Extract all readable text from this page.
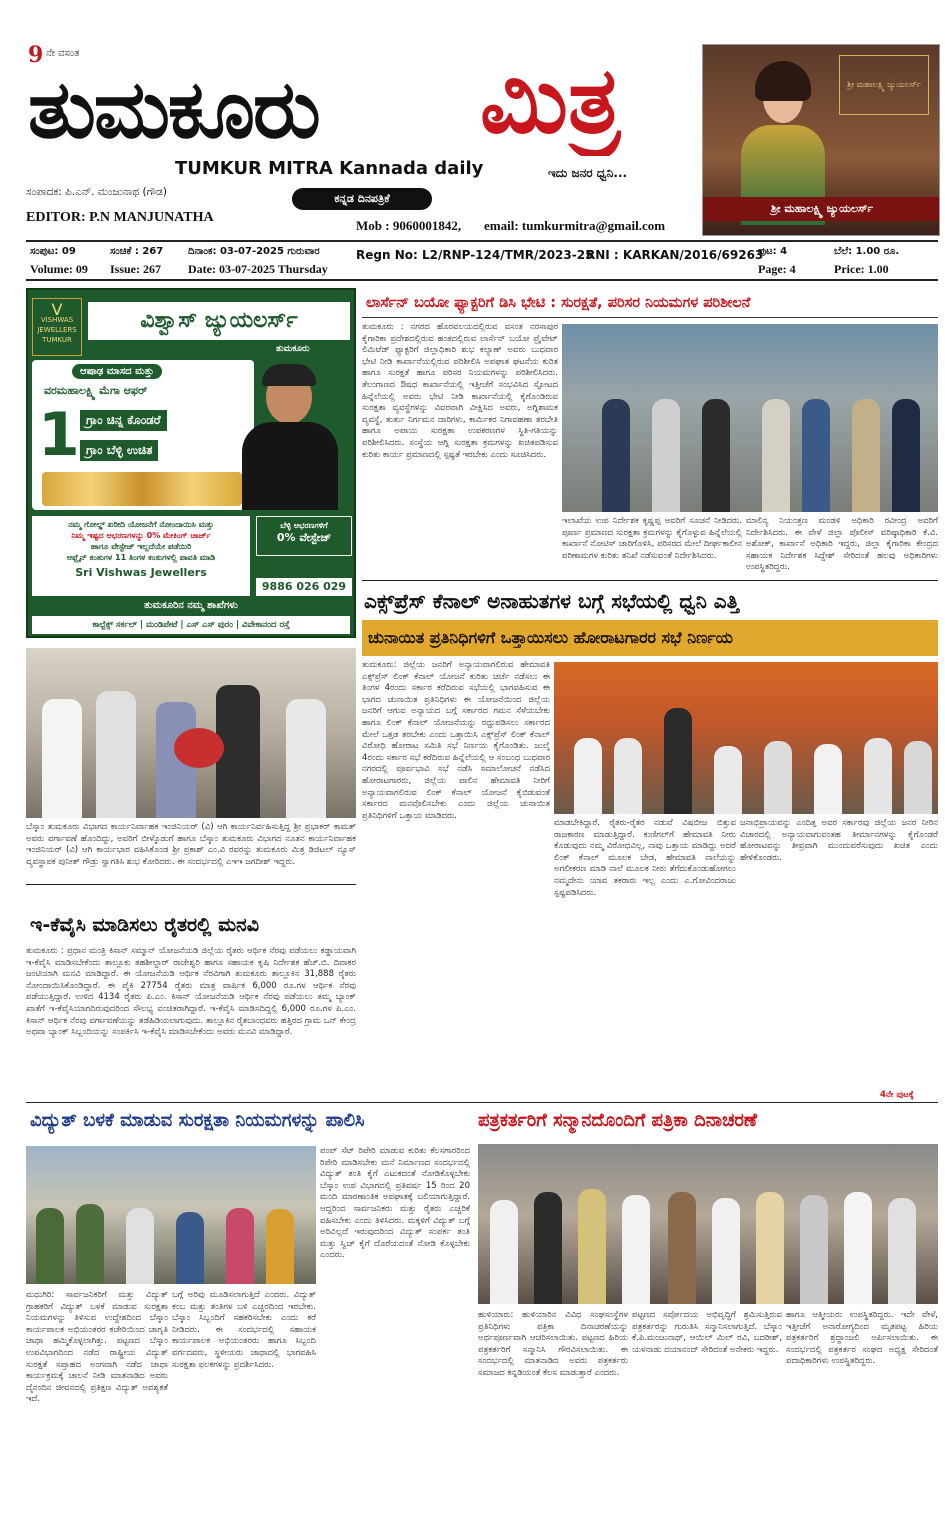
9 ನೇ ವಸಂತ
ತುಮಕೂರು ಮಿತ್ರ
TUMKUR MITRA Kannada daily	ಇದು ಜನರ ಧ್ವನಿ...
ಸಂಪಾದಕ: ಪಿ.ಎನ್. ಮಂಜುನಾಥ (ಗೌಡ)
EDITOR: P.N MANJUNATHA
ಕನ್ನಡ ದಿನಪತ್ರಿಕೆ
Mob : 9060001842, email: tumkurmitra@gmail.com
ಶ್ರೀ ಮಹಾಲಕ್ಷ್ಮಿ ಜ್ಯುಯಲರ್ಸ್
ಶ್ರೀ ಮಹಾಲಕ್ಷ್ಮಿ ಜ್ಯುಯಲರ್ಸ್
ಸಂಪುಟ: 09	ಸಂಚಿಕೆ : 267 ದಿನಾಂಕ: 03-07-2025 ಗುರುವಾರ
Volume: 09 Issue: 267 Date: 03-07-2025 Thursday
Regn No: L2/RNP-124/TMR/2023-25
RNI : KARKAN/2016/69263
ಪುಟ: 4	ಬೆಲೆ: 1.00 ರೂ.
Page: 4	Price: 1.00
V
VISHWAS JEWELLERS
TUMKUR
ವಿಶ್ವಾಸ್ ಜ್ಯುಯಲರ್ಸ್
ತುಮಕೂರು
ಆಷಾಢ ಮಾಸದ ಮತ್ತು
ವರಮಹಾಲಕ್ಷ್ಮಿ ಮೆಗಾ ಆಫರ್
1 ಗ್ರಾಂ ಚಿನ್ನ ಕೊಂಡರೆ
ಗ್ರಾಂ ಬೆಳ್ಳಿ ಉಚಿತ
ನಮ್ಮ ಗೋಲ್ಡ್ ಖರೀದಿ ಯೋಜನೆಗೆ ನೋಂದಾಯಿಸಿ ಮತ್ತು
ನಿಮ್ಮ ಇಷ್ಟದ ಆಭರಣಗಳನ್ನು 0% ಮೇಕಿಂಗ್ ಚಾರ್ಜ್
ಹಾಗೂ ವೇಸ್ಟೇಜ್ ಇಲ್ಲದೆಯೇ ಪಡೆಯಿರಿ
ಆಫ್ಲೈನ್ ಕಂತುಗಳ 11 ತಿಂಗಳ ಕಂತುಗಳಲ್ಲಿ ಪಾವತಿ ಮಾಡಿ
Sri Vishwas Jewellers
ಬೆಳ್ಳಿ ಆಭರಣಗಳಿಗೆ
0% ವೇಸ್ಟೇಜ್
9886 026 029
ತುಮಕೂರಿನ ನಮ್ಮ ಶಾಖೆಗಳು
ಕಾಲ್ಟೆಕ್ಸ್ ಸರ್ಕಲ್ | ಮಂಡಿಪೇಟೆ | ಎಸ್ ಎಸ್ ಪುರಂ | ವಿವೇಕಾನಂದ ರಸ್ತೆ
ಲಾರ್ಸೆನ್ ಬಯೋ ಫ್ಯಾಕ್ಟರಿಗೆ ಡಿಸಿ ಭೇಟಿ : ಸುರಕ್ಷತೆ, ಪರಿಸರ ನಿಯಮಗಳ ಪರಿಶೀಲನೆ
ತುಮಕೂರು : ನಗರದ ಹೊರವಲಯದಲ್ಲಿರುವ ವಸಂತ ನರಸಾಪುರ ಕೈಗಾರಿಕಾ ಪ್ರದೇಶದಲ್ಲಿರುವ ಹಂತದಲ್ಲಿರುವ ಲಾರ್ಸೆನ್ ಬಯೋ ಪ್ರೈವೇಟ್ ಲಿಮಿಟೆಡ್ ಫ್ಯಾಕ್ಟರಿಗೆ ಜಿಲ್ಲಾಧಿಕಾರಿ ಶುಭ ಕಲ್ಯಾಣ್ ಅವರು ಬುಧವಾರ ಭೇಟಿ ನೀಡಿ ಕಾರ್ಖಾನೆಯಲ್ಲಿರುವ ಪರಿಶೀಲಿಸಿ ಅಪಘಾತ ಘಟನೆಯ ಕುರಿತ ಹಾಗೂ ಸುರಕ್ಷತೆ ಹಾಗೂ ಪರಿಸರ ನಿಯಮಗಳನ್ನು ಪರಿಶೀಲಿಸಿದರು. ತೆಲಂಗಾಣದ ಔಷಧ ಕಾರ್ಖಾನೆಯಲ್ಲಿ ಇತ್ತೀಚೆಗೆ ಸಂಭವಿಸಿದ ಸ್ಫೋಟದ ಹಿನ್ನೆಲೆಯಲ್ಲಿ ಅವರು ಭೇಟಿ ನೀಡಿ ಕಾರ್ಖಾನೆಯಲ್ಲಿ ಕೈಗೊಂಡಿರುವ ಸುರಕ್ಷತಾ ವ್ಯವಸ್ಥೆಗಳನ್ನು ವಿವರವಾಗಿ ವೀಕ್ಷಿಸಿದ ಅವರು, ಅಗ್ನಿಶಾಮಕ ವ್ಯವಸ್ಥೆ, ತುರ್ತು ನಿರ್ಗಮನ ದಾರಿಗಳು, ಕಾರ್ಮಿಕರ ನಿಗಾವಹಣಾ ತರಬೇತಿ ಹಾಗೂ ಅಪಾಯ ಸುರಕ್ಷತಾ ಉಪಕರಣಗಳ ಸ್ಥಿತಿ-ಗತಿಯನ್ನು ಪರಿಶೀಲಿಸಿದರು. ಸಂಸ್ಥೆಯ ಆಗ್ನಿ ಸುರಕ್ಷತಾ ಕ್ರಮಗಳನ್ನು ಖಚಿತಪಡಿಸುವ ಕುರಿತು ಕಾರ್ಯ ಪ್ರಮಾಣದಲ್ಲಿ ಸ್ಪಷ್ಟತೆ ಇರಬೇಕು ಎಂದು ಸೂಚಿಸಿದರು.
ಇಲಾಖೆಯ ಉಪ ನಿರ್ದೇಶಕ ಕೃಷ್ಣಪ್ಪ ಅವರಿಗೆ ಸೂಚನೆ ನೀಡಿದರು. ಪೂರ್ಣ ಪ್ರಮಾಣದ ಸುರಕ್ಷತಾ ಕ್ರಮಗಳನ್ನು ಕೈಗೊಳ್ಳುವ ಹಿನ್ನೆಲೆಯಲ್ಲಿ ಕಾರ್ಖಾನೆ ನೋಟಿಸ್ ಜಾರಿಗೊಳಿಸಿ, ಪರಿಸರದ ಮೇಲೆ ದೀರ್ಘಕಾಲೀನ ಪರಿಣಾಮಗಳ ಕುರಿತು ತನಿಖೆ ನಡೆಸುವಂತೆ ನಿರ್ದೇಶಿಸಿದರು.
ಮಾಲಿನ್ಯ ನಿಯಂತ್ರಣ ಮಂಡಳಿ ಅಧಿಕಾರಿ ರವೀಂದ್ರ ಅವರಿಗೆ ನಿರ್ದೇಶಿಸಿದರು. ಈ ವೇಳೆ ಜಿಲ್ಲಾ ಪೊಲೀಸ್ ವರಿಷ್ಠಾಧಿಕಾರಿ ಕೆ.ವಿ. ಅಶೋಕ್, ಕಾರ್ಖಾನೆ ಅಧಿಕಾರಿ ಇದ್ದರು, ಜಿಲ್ಲಾ ಕೈಗಾರಿಕಾ ಕೇಂದ್ರದ ಸಹಾಯಕ ನಿರ್ದೇಶಕ ಸಿದ್ದೇಶ್ ಸೇರಿದಂತೆ ಹಲವು ಅಧಿಕಾರಿಗಳು ಉಪಸ್ಥಿತರಿದ್ದರು.
ಎಕ್ಸ್‌ಪ್ರೆಸ್ ಕೆನಾಲ್ ಅನಾಹುತಗಳ ಬಗ್ಗೆ ಸಭೆಯಲ್ಲಿ ಧ್ವನಿ ಎತ್ತಿ
ಚುನಾಯಿತ ಪ್ರತಿನಿಧಿಗಳಿಗೆ ಒತ್ತಾಯಿಸಲು ಹೋರಾಟಗಾರರ ಸಭೆ ನಿರ್ಣಯ
ತುಮಕೂರು: ಜಿಲ್ಲೆಯ ಜನರಿಗೆ ಅನ್ಯಾಯವಾಗಲಿರುವ ಹೇಮಾವತಿ ಎಕ್ಸ್‌ಪ್ರೆಸ್ ಲಿಂಕ್ ಕೆನಾಲ್ ಯೋಜನೆ ಕುರಿತು ಚರ್ಚೆ ನಡೆಸಲು ಈ ತಿಂಗಳ 4ರಂದು ಸರ್ಕಾರ ಕರೆದಿರುವ ಸಭೆಯಲ್ಲಿ ಭಾಗವಹಿಸುವ ಈ ಭಾಗದ ಚುನಾಯಿತ ಪ್ರತಿನಿಧಿಗಳು ಈ ಯೋಜನೆಯಿಂದ ಜಿಲ್ಲೆಯ ಜನರಿಗೆ ಆಗುವ ಅನ್ಯಾಯದ ಬಗ್ಗೆ ಸರ್ಕಾರದ ಗಮನ ಸೆಳೆಯಬೇಕು ಹಾಗೂ ಲಿಂಕ್ ಕೆನಾಲ್ ಯೋಜನೆಯನ್ನು ರದ್ದುಪಡಿಸಲು ಸರ್ಕಾರದ ಮೇಲೆ ಒತ್ತಡ ತರಬೇಕು ಎಂದು ಒತ್ತಾಯಿಸಿ ಎಕ್ಸ್‌ಪ್ರೆಸ್ ಲಿಂಕ್ ಕೆನಾಲ್ ವಿರೋಧಿ ಹೋರಾಟ ಸಮಿತಿ ಸಭೆ ನಿರ್ಣಯ ಕೈಗೊಂಡಿತು. ಜುಲೈ 4ರಂದು ಸರ್ಕಾರ ಸಭೆ ಕರೆದಿರುವ ಹಿನ್ನೆಲೆಯಲ್ಲಿ ಆ ಸಂಬಂಧ ಬುಧವಾರ ನಗರದಲ್ಲಿ ಪೂರ್ವಭಾವಿ ಸಭೆ ನಡೆಸಿ ಸಮಾಲೋಚನೆ ನಡೆಸಿದ ಹೋರಾಟಗಾರರು, ಜಿಲ್ಲೆಯ ಪಾಲಿನ ಹೇಮಾವತಿ ನೀರಿಗೆ ಅನ್ಯಾಯವಾಗಲಿರುವ ಲಿಂಕ್ ಕೆನಾಲ್ ಯೋಜನೆ ಕೈಬಿಡುವಂತೆ ಸರ್ಕಾರದ ಮನವೊಲಿಸಬೇಕು ಎಂದು ಜಿಲ್ಲೆಯ ಚುನಾಯಿತ ಪ್ರತಿನಿಧಿಗಳಿಗೆ ಒತ್ತಾಯ ಮಾಡಿದರು.
ಮಾಡಬೇಕಿದ್ದಾರೆ. ರೈತರು-ರೈತರ ನಡುವೆ ವಿಷಬೀಜ ಬಿತ್ತುವ ರಾಜಕಾರಣ ಮಾಡುತ್ತಿದ್ದಾರೆ. ಕುಣಿಗಲ್‌ಗೆ ಹೇಮಾವತಿ ನೀರು ಕೊಡುವುದು ನಮ್ಮ ವಿರೋಧವಿಲ್ಲ, ನಾವು ಒತ್ತಾಯ ಮಾಡಿದ್ದು ಅದರೆ ಲಿಂಕ್ ಕೆನಾಲ್ ಮೂಲಕ ಬೇಡ, ಹೇಮಾವತಿ ನಾಲೆಯನ್ನು ಅಗಲೀಕರಣ ಮಾಡಿ ನಾಲೆ ಮೂಲಕ ನೀರು ತೆಗೆದುಕೊಂಡುಹೋಗಲು ನಮ್ಮದೇನು ಯಾವ ತಕರಾರು ಇಲ್ಲ ಎಂದು ಎ.ಗೋವಿಂದರಾಜು ಸ್ಪಷ್ಟಪಡಿಸಿದರು.
ಜನಾಭಿಪ್ರಾಯವನ್ನು ಎಂದಿತ್ತ ಅವರ ಸರ್ಕಾರವು ಜಿಲ್ಲೆಯ ಜನರ ನೀರಿನ ವಿಚಾರದಲ್ಲಿ ಅನ್ಯಾಯವಾಗುವಂತಹ ತೀರ್ಮಾನಗಳನ್ನು ಕೈಗೊಂಡರೆ ಹೋರಾಟವನ್ನು ತೀವ್ರವಾಗಿ ಮುಂದುವರೆಸುವುದು ಖಚಿತ ಎಂದು ಹೇಳಿಕೊಂಡರು.
4ನೇ ಪುಟಕ್ಕೆ
ಬೆಸ್ಕಾಂ ತುಮಕೂರು ವಿಭಾಗದ ಕಾರ್ಯನಿರ್ವಾಹಕ ಇಂಜಿನಿಯರ್ (ವಿ) ಆಗಿ ಕಾರ್ಯನಿರ್ವಹಿಸುತ್ತಿದ್ದ ಶ್ರೀ ಪ್ರಭಾಕರ್ ಕಾಮತ್ ಅವರು ವರ್ಗಾವಣೆ ಹೊಂದಿದ್ದು, ಅವರಿಗೆ ಬೀಳ್ಕೊಡುಗೆ ಹಾಗೂ ಬೆಸ್ಕಾಂ ತುಮಕೂರು ವಿಭಾಗದ ನೂತನ ಕಾರ್ಯನಿರ್ವಾಹಕ ಇಂಜಿನಿಯರ್ (ವಿ) ಆಗಿ ಕಾರ್ಯಭಾರ ವಹಿಸಿಕೊಂಡ ಶ್ರೀ ಪ್ರಕಾಶ್ ಎಂ.ವಿ ರವರನ್ನು ತುಮಕೂರು ಮಿತ್ರ ಡಿಜಿಟಲ್ ನ್ಯೂಸ್ ವ್ಯವಸ್ಥಾಪಕ ಪುನೀತ್ ಗೌಡ್ರು ಸ್ವಾಗತಿಸಿ ಶುಭ ಕೋರಿದರು. ಈ ಸಂದರ್ಭದಲ್ಲಿ ಎಇಇ ಜಗದೀಶ್ ಇದ್ದರು.
ಇ-ಕೆವೈಸಿ ಮಾಡಿಸಲು ರೈತರಲ್ಲಿ ಮನವಿ
ತುಮಕೂರು : ಪ್ರಧಾನ ಮಂತ್ರಿ ಕಿಸಾನ್ ಸಮ್ಮಾನ್ ಯೋಜನೆಯಡಿ ಜಿಲ್ಲೆಯ ರೈತರು ಆರ್ಥಿಕ ನೆರವು ಪಡೆಯಲು ಕಡ್ಡಾಯವಾಗಿ ಇ-ಕೆವೈಸಿ ಮಾಡಿಸಬೇಕೆಂದು ತಾಲ್ಲೂಕು ತಹಶೀಲ್ದಾರ್ ರಾಜೇಶ್ವರಿ ಹಾಗೂ ಸಹಾಯಕ ಕೃಷಿ ನಿರ್ದೇಶಕ ಹೆಚ್.ಬಿ. ದಿವಾಕರ ಜಂಟಿಯಾಗಿ ಮನವಿ ಮಾಡಿದ್ದಾರೆ. ಈ ಯೋಜನೆಯಡಿ ಆರ್ಥಿಕ ನೆರವಿಗಾಗಿ ತುಮಕೂರು ತಾಲ್ಲೂಕಿನ 31,888 ರೈತರು ನೋಂದಾಯಿಸಿಕೊಂಡಿದ್ದಾರೆ. ಈ ಪೈಕಿ 27754 ರೈತರು ಮಾತ್ರ ವಾರ್ಷಿಕ 6,000 ರೂ.ಗಳ ಆರ್ಥಿಕ ನೆರವು ಪಡೆಯುತ್ತಿದ್ದಾರೆ. ಉಳಿದ 4134 ರೈತರು ಪಿ.ಎಂ. ಕಿಸಾನ್ ಯೋಜನೆಯಡಿ ಆರ್ಥಿಕ ನೆರವು ಪಡೆಯಲು ತಮ್ಮ ಬ್ಯಾಂಕ್ ಖಾತೆಗೆ ಇ-ಕೆವೈಸಿಯಾಗದಿರುವುದರಿಂದ ಸೌಲಭ್ಯ ವಂಚಿತರಾಗಿದ್ದಾರೆ. ಇ-ಕೆವೈಸಿ ಮಾಡಿಸದಿದ್ದಲ್ಲಿ 6,000 ರೂ.ಗಳ ಪಿ.ಎಂ. ಕಿಸಾನ್ ಆರ್ಥಿಕ ನೆರವು ವರ್ಗಾವಣೆಯನ್ನು ತಡೆಹಿಡಿಯಲಾಗುವುದು. ತಾಲ್ಲೂಕಿನ ರೈತಬಾಂಧವರು ಹತ್ತಿರದ ಗ್ರಾಮ ಒನ್ ಕೇಂದ್ರ ಅಥವಾ ಬ್ಯಾಂಕ್ ಸಿಬ್ಬಂದಿಯನ್ನು ಸಂಪರ್ಕಿಸಿ ಇ-ಕೆವೈಸಿ ಮಾಡಿಸಬೇಕೆಂದು ಅವರು ಮನವಿ ಮಾಡಿದ್ದಾರೆ.
ವಿದ್ಯುತ್ ಬಳಕೆ ಮಾಡುವ ಸುರಕ್ಷತಾ ನಿಯಮಗಳನ್ನು ಪಾಲಿಸಿ
ಪಂಪ್ ಸೆಟ್ ರಿಪೇರಿ ಮಾಡುವ ಕುರಿತು ಕೆಲಸಗಾರರಿಂದ ರಿಪೇರಿ ಮಾಡಿಸಬೇಕು ಮನೆ ನಿರ್ಮಾಣದ ಸಂದರ್ಭದಲ್ಲಿ ವಿದ್ಯುತ್ ತಂತಿ ಕೈಗೆ ಎಟುಕದಂತೆ ನೋಡಿಕೊಳ್ಳಬೇಕು ಬೆಸ್ಕಾಂ ಉಪ ವಿಭಾಗದಲ್ಲಿ ಪ್ರತಿವರ್ಷ 15 ರಿಂದ 20 ಮಂದಿ ಮಾರಣಾಂತಿಕ ಅಪಘಾತಕ್ಕೆ ಬಲಿಯಾಗುತ್ತಿದ್ದಾರೆ. ಆದ್ದರಿಂದ ಸಾರ್ವಜನಿಕರು ಮತ್ತು ರೈತರು ಎಚ್ಚರಿಕೆ ವಹಿಸಬೇಕು ಎಂದು ತಿಳಿಸಿದರು. ಮಕ್ಕಳಿಗೆ ವಿದ್ಯುತ್ ಬಗ್ಗೆ ಅರಿವಿಲ್ಲದೆ ಇರುವುದರಿಂದ ವಿದ್ಯುತ್ ಸಂಪರ್ಕ ತಂತಿ ಮತ್ತು ಸ್ವಿಚ್ ಕೈಗೆ ದೊರೆಯದಂತೆ ನೋಡಿ ಕೊಳ್ಳಬೇಕು ಎಂದರು.
ಮಧುಗಿರಿ: ಸಾರ್ವಜನಿಕರಿಗೆ ಮತ್ತು ವಿದ್ಯುತ್ ಗ್ರಾಹಕರಿಗೆ ವಿದ್ಯುತ್ ಬಳಕೆ ಮಾಡುವ ಸುರಕ್ಷತಾ ನಿಯಮಗಳನ್ನು ತಿಳಿಸುವ ಉದ್ದೇಶದಿಂದ ಬೆಸ್ಕಾಂ ಕಾರ್ಯಪಾಲಕ ಅಭಿಯಂತರರ ಕಚೇರಿಯಿಂದ ಜಾಗೃತಿ ಜಾಥಾ ಹಮ್ಮಿಕೊಳ್ಳಲಾಗಿತ್ತು. ಪಟ್ಟಣದ ಬೆಸ್ಕಾಂ ಉಪವಿಭಾಗದಿಂದ ನಡೆದ ರಾಷ್ಟ್ರೀಯ ವಿದ್ಯುತ್ ಸುರಕ್ಷತೆ ಸಪ್ತಾಹದ ಅಂಗವಾಗಿ ನಡೆದ ಜಾಥಾ ಕಾರ್ಯಕ್ರಮಕ್ಕೆ ಚಾಲನೆ ನೀಡಿ ಮಾತನಾಡಿದ ಅವರು ದೈನಂದಿನ ಜೀವನದಲ್ಲಿ ಪ್ರತಿಕ್ಷಣ ವಿದ್ಯುತ್ ಅವಶ್ಯಕತೆ ಇದೆ.
ಬಗ್ಗೆ ಅರಿವು ಮೂಡಿಸಲಾಗುತ್ತಿದೆ ಎಂದರು. ವಿದ್ಯುತ್ ಕಂಬ ಮತ್ತು ತಂತಿಗಳ ಬಳಿ ಎಚ್ಚರದಿಂದ ಇರಬೇಕು. ಬೆಸ್ಕಾಂ ಸಿಬ್ಬಂದಿಗೆ ಸಹಕರಿಸಬೇಕು ಎಂದು ಕರೆ ನೀಡಿದರು. ಈ ಸಂದರ್ಭದಲ್ಲಿ ಸಹಾಯಕ ಕಾರ್ಯಪಾಲಕ ಅಭಿಯಂತರರು ಹಾಗೂ ಸಿಬ್ಬಂದಿ ವರ್ಗದವರು, ಸ್ಥಳೀಯರು ಜಾಥಾದಲ್ಲಿ ಭಾಗವಹಿಸಿ ಸುರಕ್ಷತಾ ಫಲಕಗಳನ್ನು ಪ್ರದರ್ಶಿಸಿದರು.
ಪತ್ರಕರ್ತರಿಗೆ ಸನ್ಮಾನದೊಂದಿಗೆ ಪತ್ರಿಕಾ ದಿನಾಚರಣೆ
ಹುಳಿಯಾರು: ಹುಳಿಯಾರಿನ ವಿವಿಧ ಸಂಘಸಂಸ್ಥೆಗಳ ಪ್ರತಿನಿಧಿಗಳು ಪತ್ರಿಕಾ ದಿನಾಚರಣೆಯನ್ನು ಅರ್ಥಪೂರ್ಣವಾಗಿ ಆಚರಿಸಲಾಯಿತು. ಪಟ್ಟಣದ ಹಿರಿಯ ಪತ್ರಕರ್ತರಿಗೆ ಸನ್ಮಾನಿಸಿ ಗೌರವಿಸಲಾಯಿತು. ಈ ಸಂದರ್ಭದಲ್ಲಿ ಮಾತನಾಡಿದ ಅವರು ಪತ್ರಕರ್ತರು ಸಮಾಜದ ಕನ್ನಡಿಯಂತೆ ಕೆಲಸ ಮಾಡುತ್ತಾರೆ ಎಂದರು.
ಪಟ್ಟಣದ ಸರ್ವೋದಯ ಅಭಿವೃದ್ಧಿಗೆ ಶ್ರಮಿಸುತ್ತಿರುವ ಪತ್ರಕರ್ತರನ್ನು ಗುರುತಿಸಿ ಸನ್ಮಾನಿಸಲಾಗುತ್ತಿದೆ. ಬೆಸ್ಕಾಂ ಕೆ.ಪಿ.ಮಂಜುನಾಥ್, ಆಯಿಲ್ ಮಿಲ್ ರವಿ, ಬದರೀಶ್, ಯಳನಾಡು ದಯಾನಂದ್ ಸೇರಿದಂತೆ ಅನೇಕರು ಇದ್ದರು.
ಹಾಗೂ ಆತ್ಮೀಯರು ಉಪಸ್ಥಿತರಿದ್ದರು. ಇದೇ ವೇಳೆ, ಇತ್ತೀಚೆಗೆ ಅನಾರೋಗ್ಯದಿಂದ ಮೃತಪಟ್ಟ ಹಿರಿಯ ಪತ್ರಕರ್ತರಿಗೆ ಶ್ರದ್ಧಾಂಜಲಿ ಅರ್ಪಿಸಲಾಯಿತು. ಈ ಸಂದರ್ಭದಲ್ಲಿ ಪತ್ರಕರ್ತರ ಸಂಘದ ಅಧ್ಯಕ್ಷ ಸೇರಿದಂತೆ ಪದಾಧಿಕಾರಿಗಳು ಉಪಸ್ಥಿತರಿದ್ದರು.
